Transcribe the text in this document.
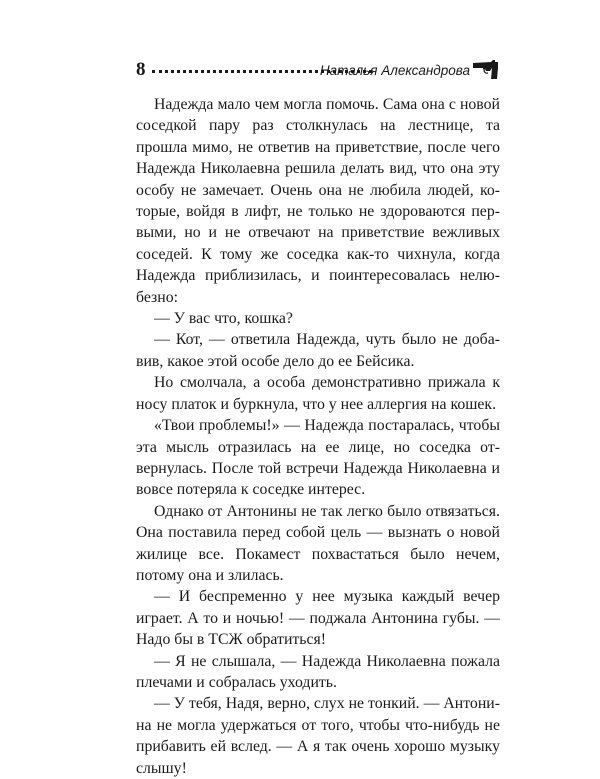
8	Наталья Александрова

Надежда мало чем могла помочь. Сама она с новой соседкой пару раз столкнулась на лестнице, та прошла мимо, не ответив на приветствие, после чего Надежда Николаевна решила делать вид, что она эту особу не замечает. Очень она не любила людей, которые, войдя в лифт, не только не здороваются первыми, но и не отвечают на приветствие вежливых соседей. К тому же соседка как-то чихнула, когда Надежда приблизилась, и поинтересовалась нелюбезно:

— У вас что, кошка?

— Кот, — ответила Надежда, чуть было не добавив, какое этой особе дело до ее Бейсика.

Но смолчала, а особа демонстративно прижала к носу платок и буркнула, что у нее аллергия на кошек.

«Твои проблемы!» — Надежда постаралась, чтобы эта мысль отразилась на ее лице, но соседка отвернулась. После той встречи Надежда Николаевна и вовсе потеряла к соседке интерес.

Однако от Антонины не так легко было отвязаться. Она поставила перед собой цель — вызнать о новой жилице все. Покамест похвастаться было нечем, потому она и злилась.

— И беспременно у нее музыка каждый вечер играет. А то и ночью! — поджала Антонина губы. — Надо бы в ТСЖ обратиться!

— Я не слышала, — Надежда Николаевна пожала плечами и собралась уходить.

— У тебя, Надя, верно, слух не тонкий. — Антонина не могла удержаться от того, чтобы что-нибудь не прибавить ей вслед. — А я так очень хорошо музыку слышу!
